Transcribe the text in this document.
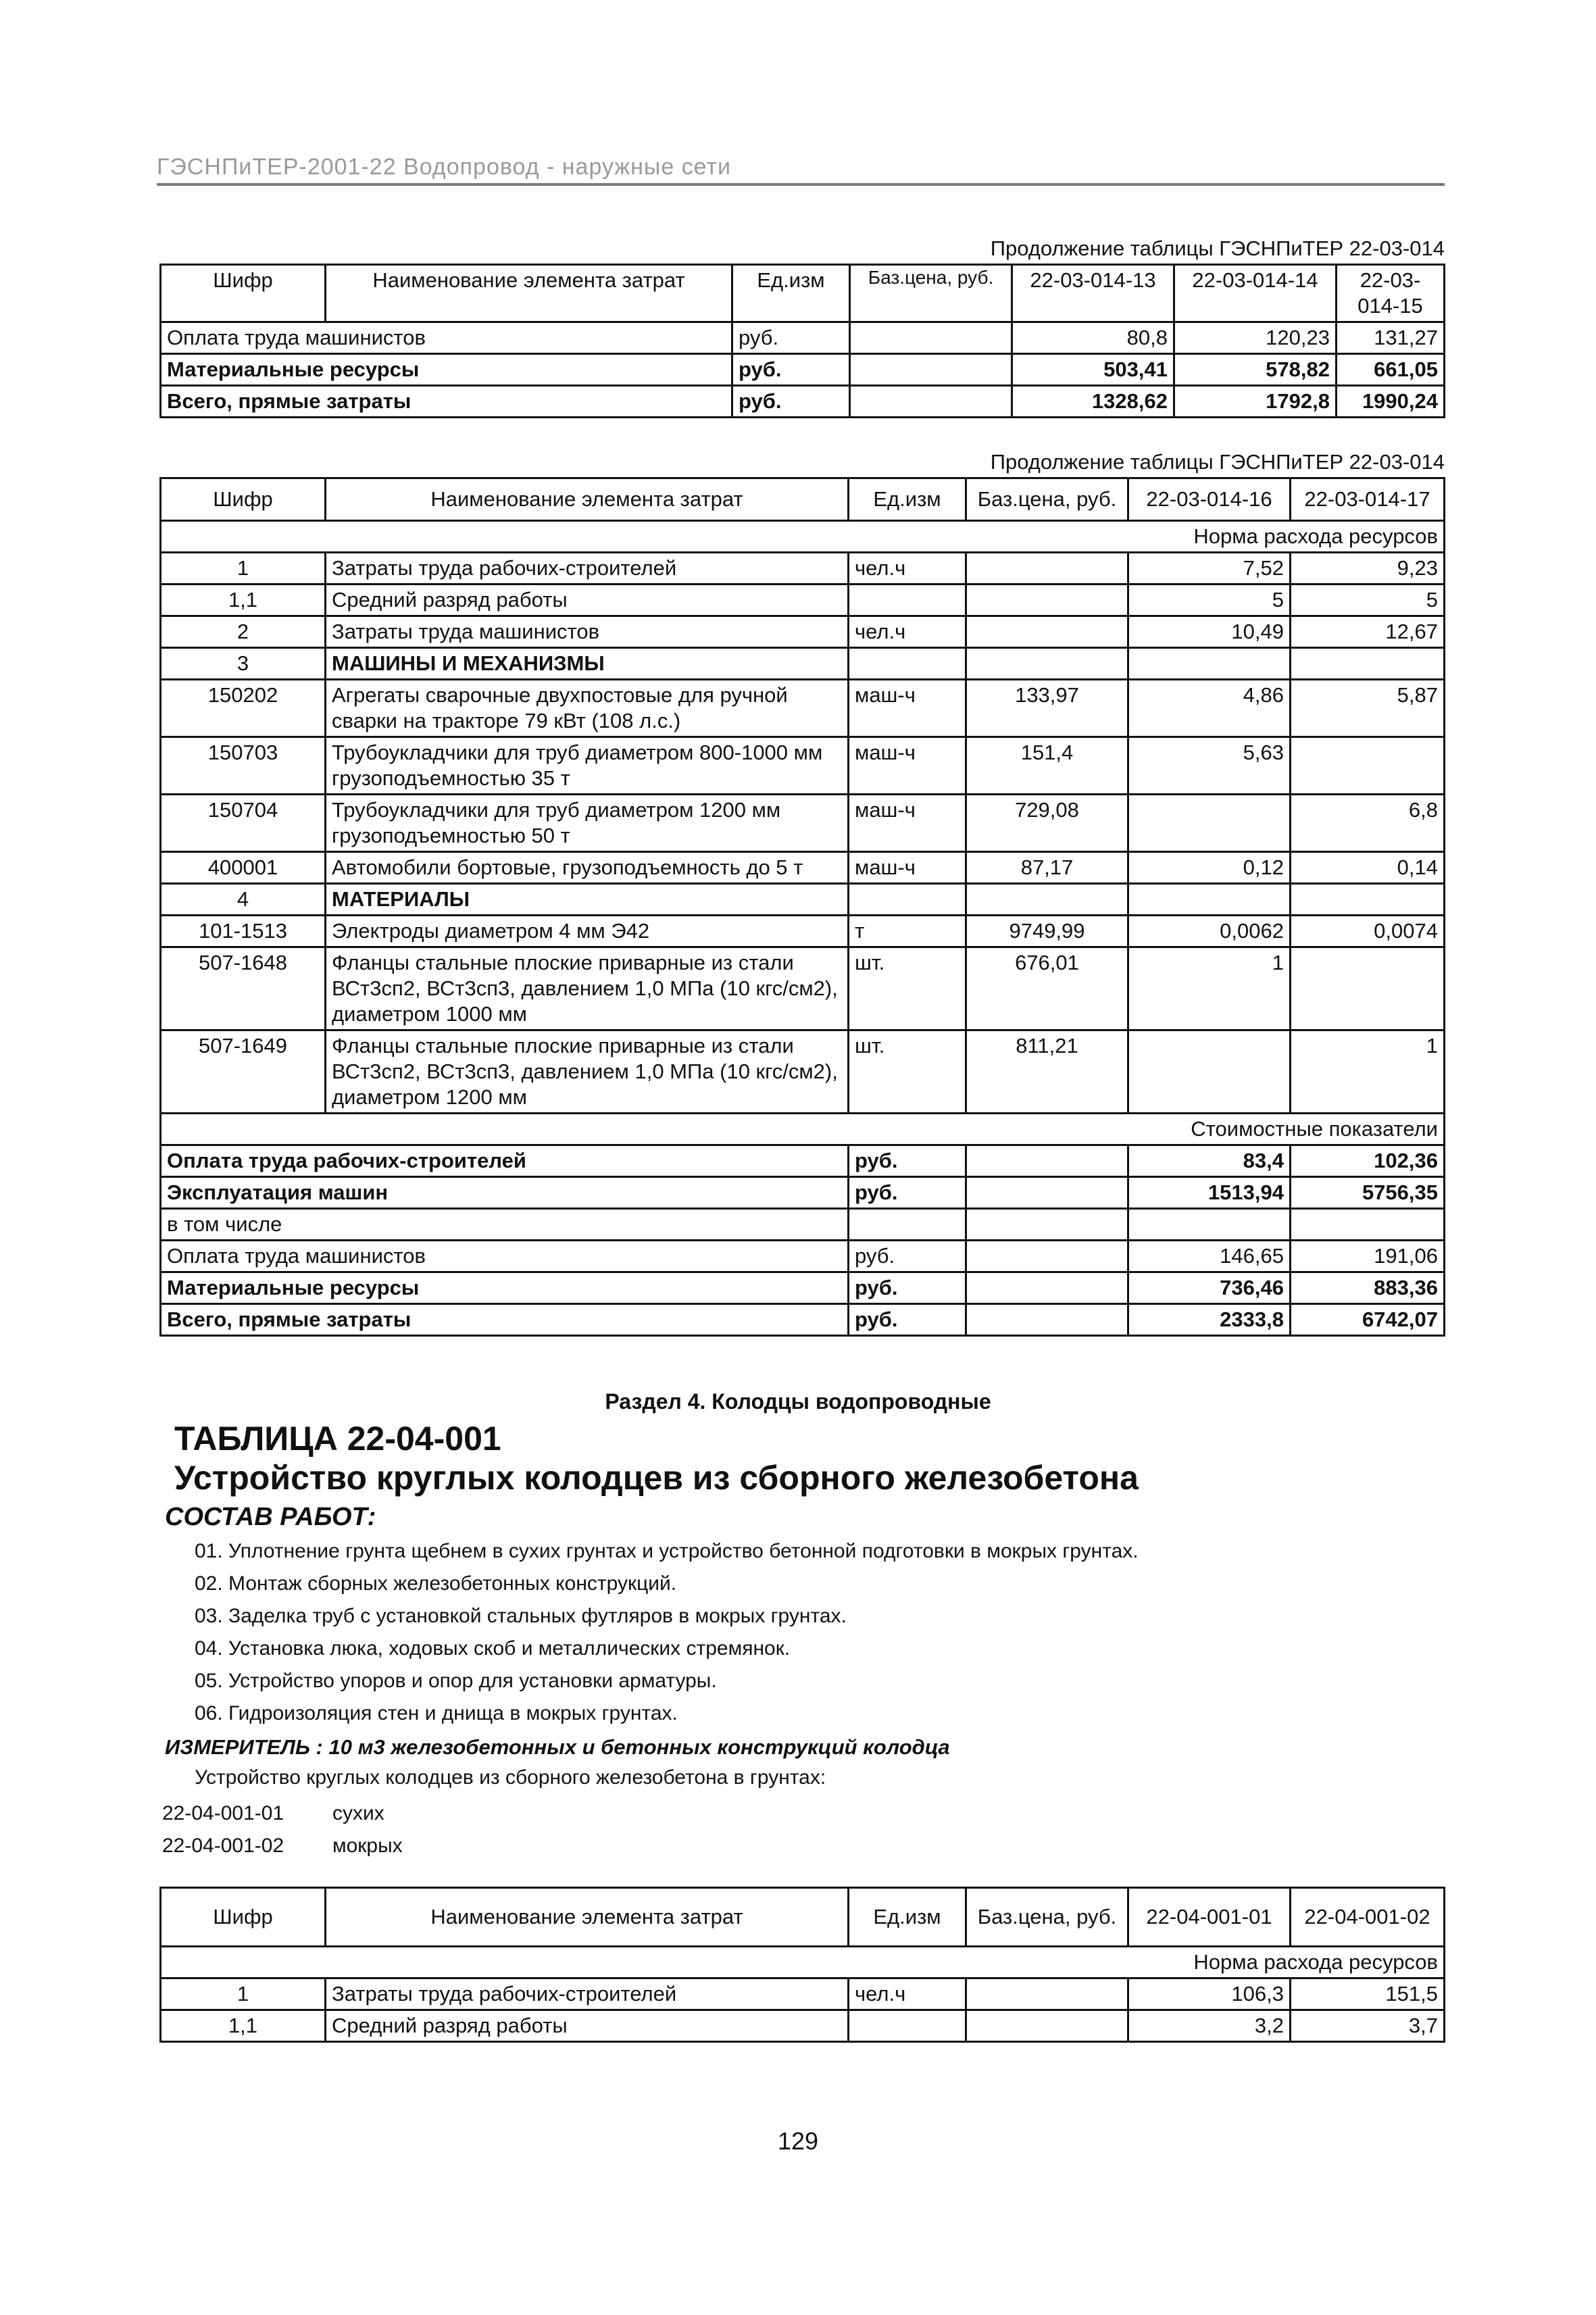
ГЭСНПиТЕР-2001-22 Водопровод - наружные сети
Продолжение таблицы ГЭСНПиТЕР 22-03-014
Шифр	Наименование элемента затрат	Ед.изм	Баз.цена, руб.	22-03-014-13	22-03-014-14	22-03-014-15
Оплата труда машинистов		руб.		80,8	120,23	131,27
Материальные ресурсы		руб.		503,41	578,82	661,05
Всего, прямые затраты		руб.		1328,62	1792,8	1990,24
Продолжение таблицы ГЭСНПиТЕР 22-03-014
Шифр	Наименование элемента затрат	Ед.изм	Баз.цена, руб.	22-03-014-16	22-03-014-17
Норма расхода ресурсов					
1	Затраты труда рабочих-строителей	чел.ч		7,52	9,23
1,1	Средний разряд работы			5	5
2	Затраты труда машинистов	чел.ч		10,49	12,67
3	МАШИНЫ И МЕХАНИЗМЫ				
150202	Агрегаты сварочные двухпостовые для ручной сварки на тракторе 79 кВт (108 л.с.)	маш-ч	133,97	4,86	5,87
150703	Трубоукладчики для труб диаметром 800-1000 мм грузоподъемностью 35 т	маш-ч	151,4	5,63	
150704	Трубоукладчики для труб диаметром 1200 мм грузоподъемностью 50 т	маш-ч	729,08		6,8
400001	Автомобили бортовые, грузоподъемность до 5 т	маш-ч	87,17	0,12	0,14
4	МАТЕРИАЛЫ				
101-1513	Электроды диаметром 4 мм Э42	т	9749,99	0,0062	0,0074
507-1648	Фланцы стальные плоские приварные из стали ВСт3сп2, ВСт3сп3, давлением 1,0 МПа (10 кгс/см2), диаметром 1000 мм	шт.	676,01	1	
507-1649	Фланцы стальные плоские приварные из стали ВСт3сп2, ВСт3сп3, давлением 1,0 МПа (10 кгс/см2), диаметром 1200 мм	шт.	811,21		1
Стоимостные показатели					
Оплата труда рабочих-строителей		руб.		83,4	102,36
Эксплуатация машин		руб.		1513,94	5756,35
в том числе					
Оплата труда машинистов		руб.		146,65	191,06
Материальные ресурсы		руб.		736,46	883,36
Всего, прямые затраты		руб.		2333,8	6742,07
Раздел 4. Колодцы водопроводные
ТАБЛИЦА 22-04-001
Устройство круглых колодцев из сборного железобетона
СОСТАВ РАБОТ:
01. Уплотнение грунта щебнем в сухих грунтах и устройство бетонной подготовки в мокрых грунтах.
02. Монтаж сборных железобетонных конструкций.
03. Заделка труб с установкой стальных футляров в мокрых грунтах.
04. Установка люка, ходовых скоб и металлических стремянок.
05. Устройство упоров и опор для установки арматуры.
06. Гидроизоляция стен и днища в мокрых грунтах.
ИЗМЕРИТЕЛЬ : 10 м3 железобетонных и бетонных конструкций колодца
Устройство круглых колодцев из сборного железобетона в грунтах:
22-04-001-01 сухих
22-04-001-02 мокрых
Шифр	Наименование элемента затрат	Ед.изм	Баз.цена, руб.	22-04-001-01	22-04-001-02
Норма расхода ресурсов					
1	Затраты труда рабочих-строителей	чел.ч		106,3	151,5
1,1	Средний разряд работы			3,2	3,7
129
